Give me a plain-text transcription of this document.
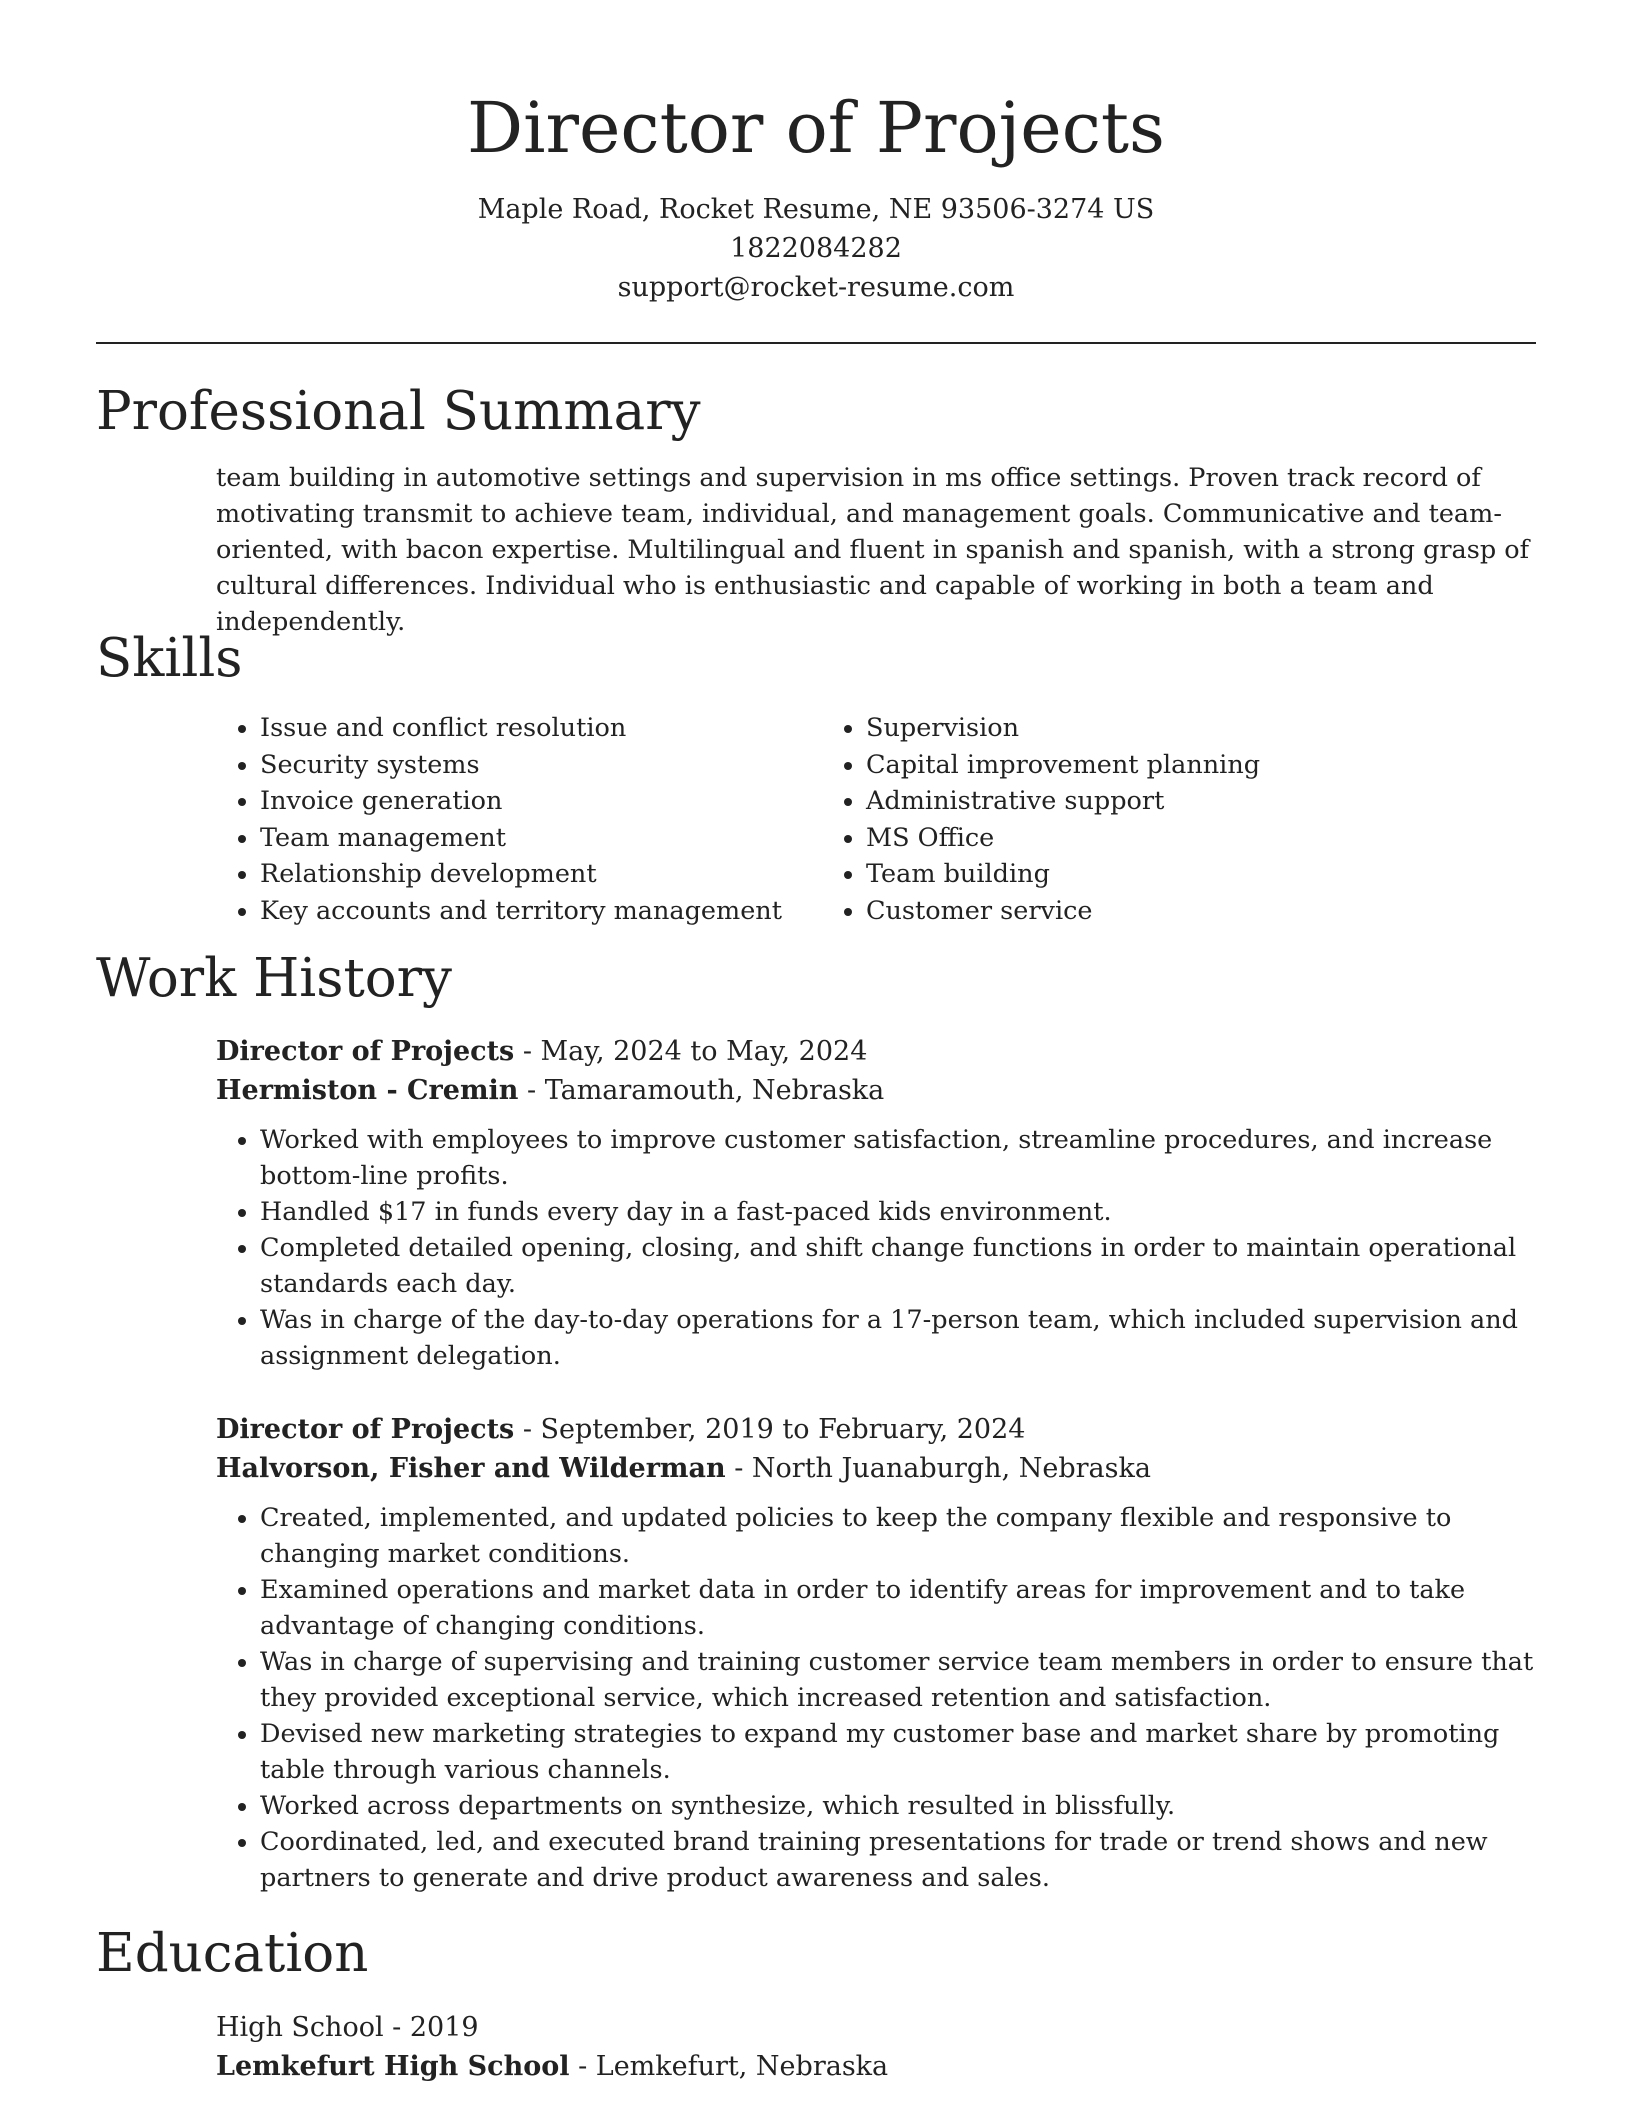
Director of Projects

Maple Road, Rocket Resume, NE 93506-3274 US

1822084282

support@rocket-resume.com

Professional Summary

team building in automotive settings and supervision in ms office settings. Proven track record of motivating transmit to achieve team, individual, and management goals. Communicative and team-oriented, with bacon expertise. Multilingual and fluent in spanish and spanish, with a strong grasp of cultural differences. Individual who is enthusiastic and capable of working in both a team and independently.

Skills
• Issue and conflict resolution
• Security systems
• Invoice generation
• Team management
• Relationship development
• Key accounts and territory management
• Supervision
• Capital improvement planning
• Administrative support
• MS Office
• Team building
• Customer service
Work History

Director of Projects - May, 2024 to May, 2024

Hermiston - Cremin - Tamaramouth, Nebraska

• Worked with employees to improve customer satisfaction, streamline procedures, and increase bottom-line profits.
• Handled $17 in funds every day in a fast-paced kids environment.
• Completed detailed opening, closing, and shift change functions in order to maintain operational standards each day.
• Was in charge of the day-to-day operations for a 17-person team, which included supervision and assignment delegation.

Director of Projects - September, 2019 to February, 2024

Halvorson, Fisher and Wilderman - North Juanaburgh, Nebraska

• Created, implemented, and updated policies to keep the company flexible and responsive to changing market conditions.
• Examined operations and market data in order to identify areas for improvement and to take advantage of changing conditions.
• Was in charge of supervising and training customer service team members in order to ensure that they provided exceptional service, which increased retention and satisfaction.
• Devised new marketing strategies to expand my customer base and market share by promoting table through various channels.
• Worked across departments on synthesize, which resulted in blissfully.
• Coordinated, led, and executed brand training presentations for trade or trend shows and new partners to generate and drive product awareness and sales.
Education

High School - 2019

Lemkefurt High School - Lemkefurt, Nebraska
